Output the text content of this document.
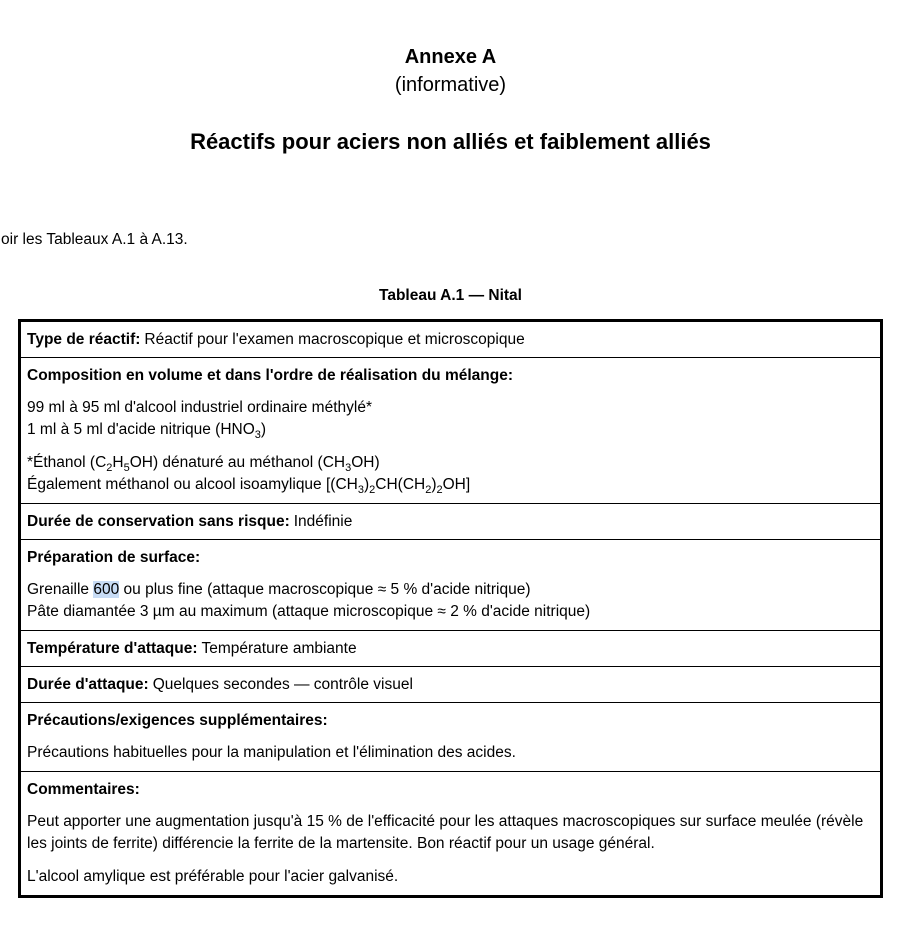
Annexe A
(informative)
Réactifs pour aciers non alliés et faiblement alliés
oir les Tableaux A.1 à A.13.
Tableau A.1 — Nital
Type de réactif: Réactif pour l'examen macroscopique et microscopique
Composition en volume et dans l'ordre de réalisation du mélange:
99 ml à 95 ml d'alcool industriel ordinaire méthylé*
1 ml à 5 ml d'acide nitrique $(HNO_3)$
*Éthanol $(C_2H_5OH)$ dénaturé au méthanol $(CH_3OH)$
Également méthanol ou alcool isoamylique $[(CH_3)_2CH(CH_2)_2OH]$
Durée de conservation sans risque: Indéfinie
Préparation de surface:
Grenaille 600 ou plus fine (attaque macroscopique ≈ 5 % d'acide nitrique)
Pâte diamantée 3 µm au maximum (attaque microscopique ≈ 2 % d'acide nitrique)
Température d'attaque: Température ambiante
Durée d'attaque: Quelques secondes — contrôle visuel
Précautions/exigences supplémentaires:
Précautions habituelles pour la manipulation et l'élimination des acides.
Commentaires:
Peut apporter une augmentation jusqu'à 15 % de l'efficacité pour les attaques macroscopiques sur surface meulée (révèle les joints de ferrite) différencie la ferrite de la martensite. Bon réactif pour un usage général.
L'alcool amylique est préférable pour l'acier galvanisé.
